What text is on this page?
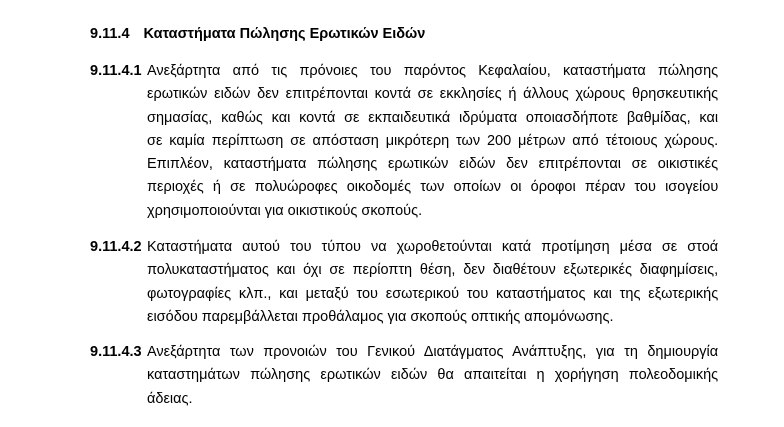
9.11.4 Καταστήματα Πώλησης Ερωτικών Ειδών
9.11.4.1 Ανεξάρτητα από τις πρόνοιες του παρόντος Κεφαλαίου, καταστήματα πώλησης
ερωτικών ειδών δεν επιτρέπονται κοντά σε εκκλησίες ή άλλους χώρους θρησκευτικής
σημασίας, καθώς και κοντά σε εκπαιδευτικά ιδρύματα οποιασδήποτε βαθμίδας, και
σε καμία περίπτωση σε απόσταση μικρότερη των 200 μέτρων από τέτοιους χώρους.
Επιπλέον, καταστήματα πώλησης ερωτικών ειδών δεν επιτρέπονται σε οικιστικές
περιοχές ή σε πολυώροφες οικοδομές των οποίων οι όροφοι πέραν του ισογείου
χρησιμοποιούνται για οικιστικούς σκοπούς.
9.11.4.2 Καταστήματα αυτού του τύπου να χωροθετούνται κατά προτίμηση μέσα σε στοά
πολυκαταστήματος και όχι σε περίοπτη θέση, δεν διαθέτουν εξωτερικές διαφημίσεις,
φωτογραφίες κλπ., και μεταξύ του εσωτερικού του καταστήματος και της εξωτερικής
εισόδου παρεμβάλλεται προθάλαμος για σκοπούς οπτικής απομόνωσης.
9.11.4.3 Ανεξάρτητα των προνοιών του Γενικού Διατάγματος Ανάπτυξης, για τη δημιουργία
καταστημάτων πώλησης ερωτικών ειδών θα απαιτείται η χορήγηση πολεοδομικής
άδειας.
